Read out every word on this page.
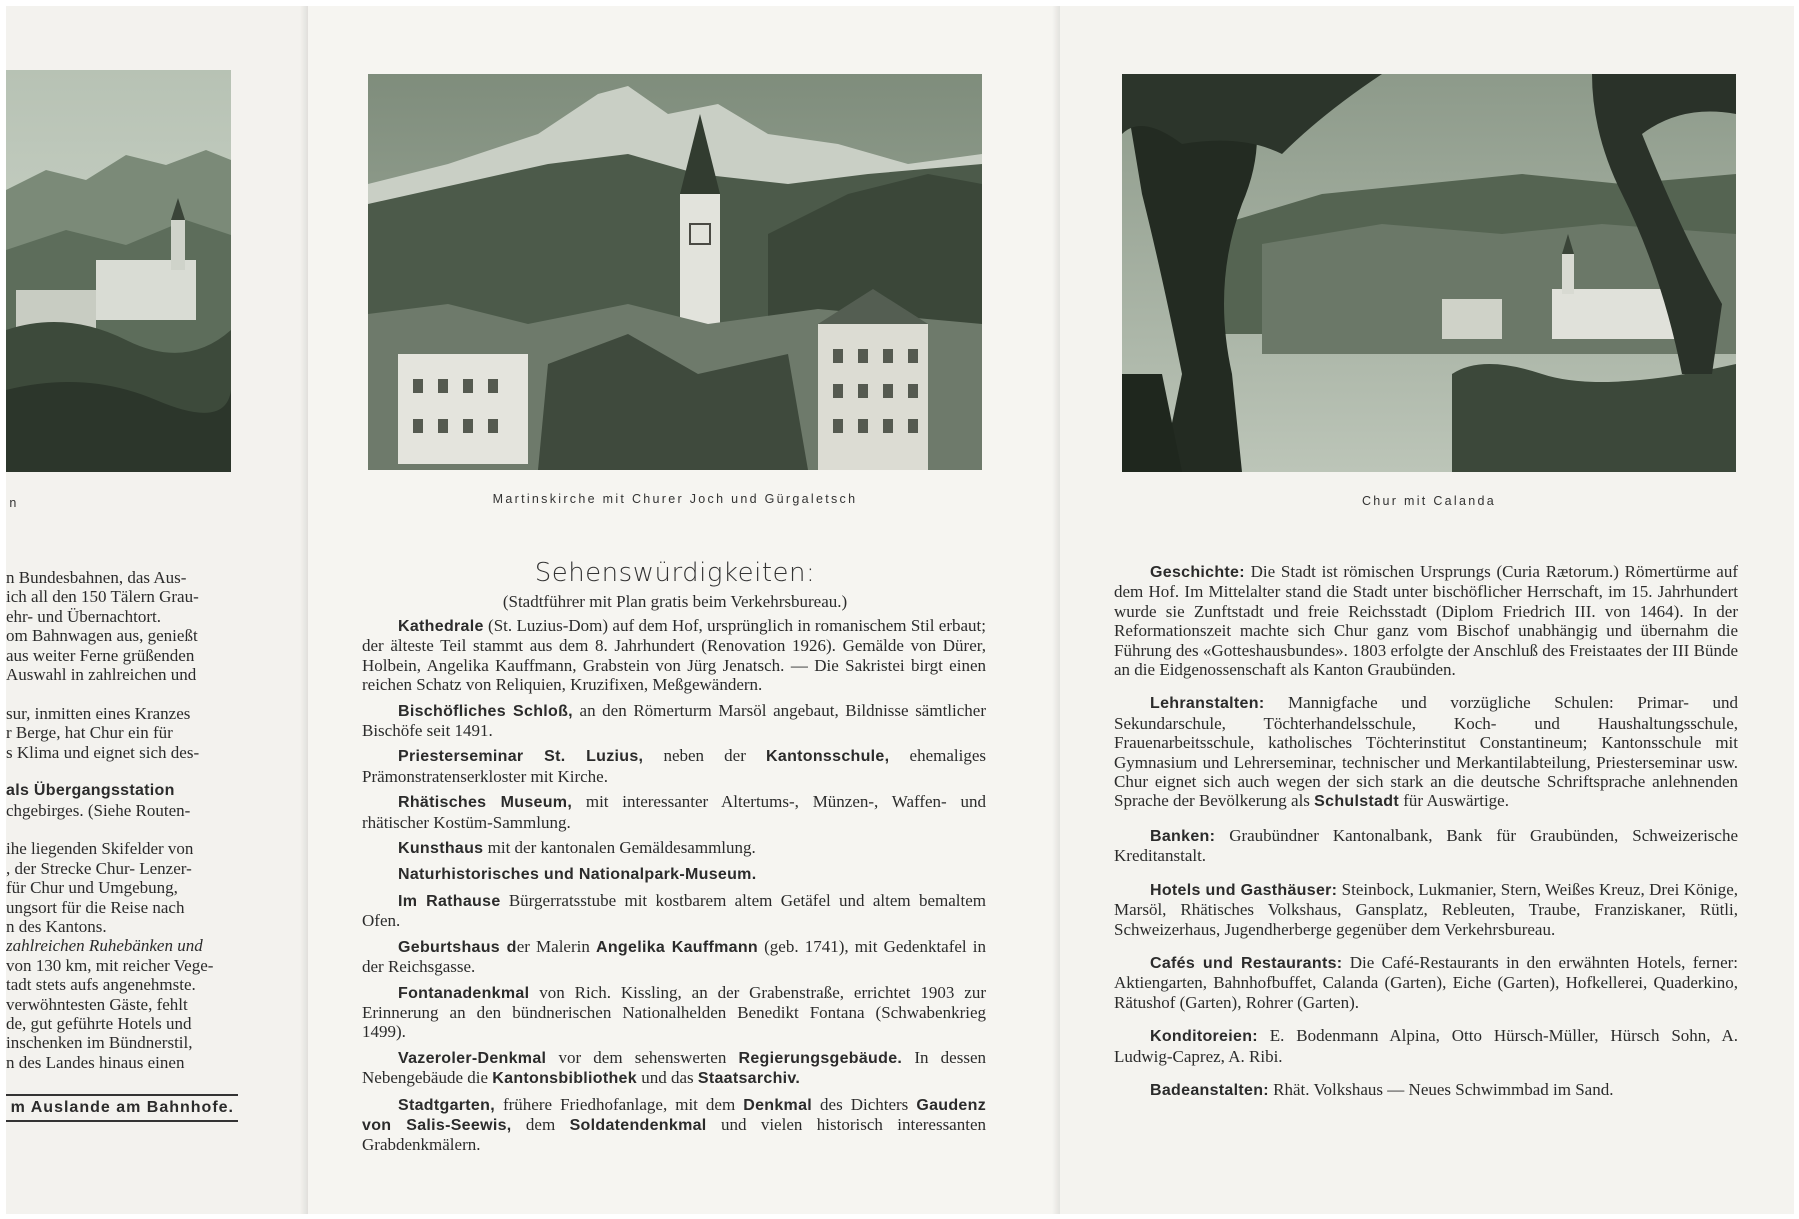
n
n Bundesbahnen, das Aus-
ich all den 150 Tälern Grau-
ehr- und Übernachtort.
om Bahnwagen aus, genießt
aus weiter Ferne grüßenden
Auswahl in zahlreichen und
sur, inmitten eines Kranzes
r Berge, hat Chur ein für
s Klima und eignet sich des-
als Übergangsstation
chgebirges. (Siehe Routen-
ihe liegenden Skifelder von
, der Strecke Chur- Lenzer-
für Chur und Umgebung,
ungsort für die Reise nach
n des Kantons.
zahlreichen Ruhebänken und
von 130 km, mit reicher Vege-
tadt stets aufs angenehmste.
verwöhntesten Gäste, fehlt
de, gut geführte Hotels und
inschenken im Bündnerstil,
n des Landes hinaus einen
m Auslande am Bahnhofe.
Martinskirche mit Churer Joch und Gürgaletsch
Sehenswürdigkeiten:
(Stadtführer mit Plan gratis beim Verkehrsbureau.)

Kathedrale (St. Luzius-Dom) auf dem Hof, ursprünglich in romanischem Stil erbaut; der älteste Teil stammt aus dem 8. Jahrhundert (Renovation 1926). Gemälde von Dürer, Holbein, Angelika Kauffmann, Grabstein von Jürg Jenatsch. — Die Sakristei birgt einen reichen Schatz von Reliquien, Kruzifixen, Meßgewändern.

Bischöfliches Schloß, an den Römerturm Marsöl angebaut, Bildnisse sämtlicher Bischöfe seit 1491.

Priesterseminar St. Luzius, neben der Kantonsschule, ehemaliges Prämonstratenserkloster mit Kirche.

Rhätisches Museum, mit interessanter Altertums-, Münzen-, Waffen- und rhätischer Kostüm-Sammlung.

Kunsthaus mit der kantonalen Gemäldesammlung.

Naturhistorisches und Nationalpark-Museum.

Im Rathause Bürgerratsstube mit kostbarem altem Getäfel und altem bemaltem Ofen.

Geburtshaus der Malerin Angelika Kauffmann (geb. 1741), mit Gedenktafel in der Reichsgasse.

Fontanadenkmal von Rich. Kissling, an der Grabenstraße, errichtet 1903 zur Erinnerung an den bündnerischen Nationalhelden Benedikt Fontana (Schwabenkrieg 1499).

Vazeroler-Denkmal vor dem sehenswerten Regierungsgebäude. In dessen Nebengebäude die Kantonsbibliothek und das Staatsarchiv.

Stadtgarten, frühere Friedhofanlage, mit dem Denkmal des Dichters Gaudenz von Salis-Seewis, dem Soldatendenkmal und vielen historisch interessanten Grabdenkmälern.

Chur mit Calanda

Geschichte: Die Stadt ist römischen Ursprungs (Curia Rætorum.) Römertürme auf dem Hof. Im Mittelalter stand die Stadt unter bischöflicher Herrschaft, im 15. Jahrhundert wurde sie Zunftstadt und freie Reichsstadt (Diplom Friedrich III. von 1464). In der Reformationszeit machte sich Chur ganz vom Bischof unabhängig und übernahm die Führung des «Gotteshausbundes». 1803 erfolgte der Anschluß des Freistaates der III Bünde an die Eidgenossenschaft als Kanton Graubünden.

Lehranstalten: Mannigfache und vorzügliche Schulen: Primar- und Sekundarschule, Töchterhandelsschule, Koch- und Haushaltungsschule, Frauenarbeitsschule, katholisches Töchterinstitut Constantineum; Kantonsschule mit Gymnasium und Lehrerseminar, technischer und Merkantilabteilung, Priesterseminar usw. Chur eignet sich auch wegen der sich stark an die deutsche Schriftsprache anlehnenden Sprache der Bevölkerung als Schulstadt für Auswärtige.

Banken: Graubündner Kantonalbank, Bank für Graubünden, Schweizerische Kreditanstalt.

Hotels und Gasthäuser: Steinbock, Lukmanier, Stern, Weißes Kreuz, Drei Könige, Marsöl, Rhätisches Volkshaus, Gansplatz, Rebleuten, Traube, Franziskaner, Rütli, Schweizerhaus, Jugendherberge gegenüber dem Verkehrsbureau.

Cafés und Restaurants: Die Café-Restaurants in den erwähnten Hotels, ferner: Aktiengarten, Bahnhofbuffet, Calanda (Garten), Eiche (Garten), Hofkellerei, Quaderkino, Rätushof (Garten), Rohrer (Garten).

Konditoreien: E. Bodenmann Alpina, Otto Hürsch-Müller, Hürsch Sohn, A. Ludwig-Caprez, A. Ribi.

Badeanstalten: Rhät. Volkshaus — Neues Schwimmbad im Sand.
